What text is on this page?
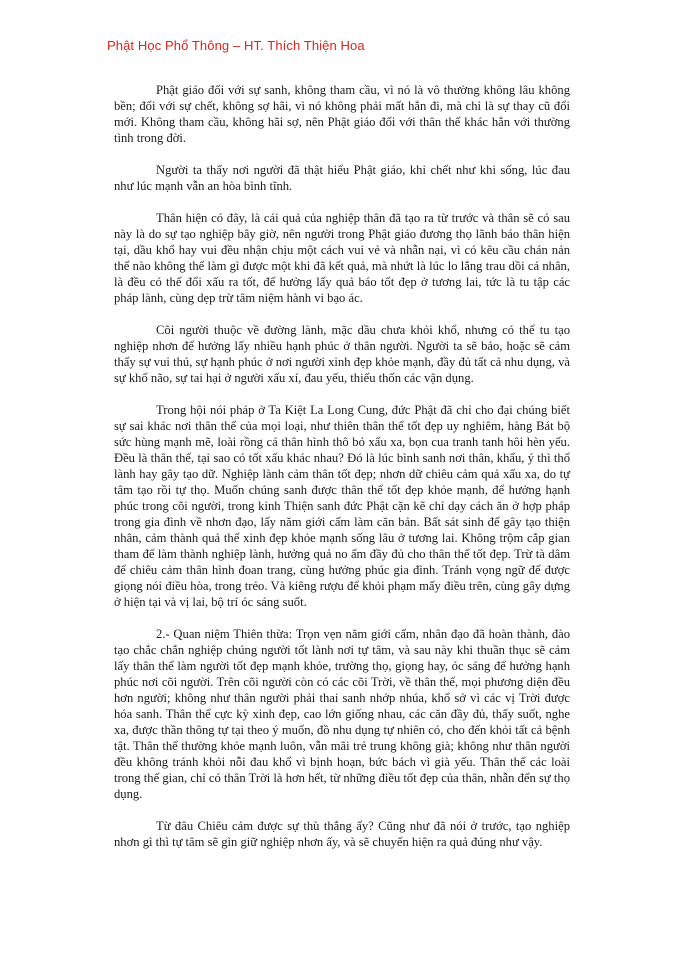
Phật Học Phổ Thông – HT. Thích Thiện Hoa

Phật giáo đối với sự sanh, không tham cầu, vì nó là vô thường không lâu không bền; đối với sự chết, không sợ hãi, vì nó không phải mất hẳn đi, mà chỉ là sự thay cũ đổi mới. Không tham cầu, không hãi sợ, nên Phật giáo đối với thân thể khác hẳn với thường tình trong đời.

Người ta thấy nơi người đã thật hiểu Phật giáo, khi chết như khi sống, lúc đau như lúc mạnh vẫn an hòa bình tĩnh.

Thân hiện có đây, là cái quả của nghiệp thân đã tạo ra từ trước và thân sẽ có sau này là do sự tạo nghiệp bây giờ, nên người trong Phật giáo đương thọ lãnh báo thân hiện tại, dầu khổ hay vui đều nhận chịu một cách vui vẻ và nhẫn nại, vì có kêu cầu chán nản thế nào không thể làm gì được một khi đã kết quả, mà nhứt là lúc lo lắng trau dồi cá nhân, là đều có thể đổi xấu ra tốt, để hưởng lấy quả báo tốt đẹp ở tương lai, tức là tu tập các pháp lành, cùng dẹp trừ tâm niệm hành vi bạo ác.

Cõi người thuộc về đường lành, mặc dầu chưa khỏi khổ, nhưng có thể tu tạo nghiệp nhơn để hưởng lấy nhiều hạnh phúc ở thân người. Người ta sẽ bảo, hoặc sẽ cảm thấy sự vui thú, sự hạnh phúc ở nơi người xinh đẹp khỏe mạnh, đầy đủ tất cả nhu dụng, và sự khổ não, sự tai hại ở người xấu xí, đau yếu, thiếu thốn các vận dụng.

Trong hội nói pháp ở Ta Kiệt La Long Cung, đức Phật đã chỉ cho đại chúng biết sự sai khác nơi thân thể của mọi loại, như thiên thân thể tốt đẹp uy nghiêm, hàng Bát bộ sức hùng mạnh mẽ, loài rồng cá thân hình thô bỏ xấu xa, bọn cua tranh tanh hôi hèn yếu. Đều là thân thể, tại sao có tốt xấu khác nhau? Đó là lúc bình sanh nơi thân, khẩu, ý thì thổ lành hay gây tạo dữ. Nghiệp lành cảm thân tốt đẹp; nhơn dữ chiêu cảm quả xấu xa, do tự tâm tạo rồi tự thọ. Muốn chúng sanh được thân thể tốt đẹp khỏe mạnh, để hưởng hạnh phúc trong cõi người, trong kinh Thiện sanh đức Phật cặn kẽ chỉ dạy cách ăn ở hợp pháp trong gia đình về nhơn đạo, lấy năm giới cấm làm căn bản. Bất sát sinh để gây tạo thiện nhân, cảm thành quả thể xinh đẹp khỏe mạnh sống lâu ở tương lai. Không trộm cắp gian tham để làm thành nghiệp lành, hưởng quả no ấm đầy đủ cho thân thể tốt đẹp. Trừ tà dâm để chiêu cảm thân hình đoan trang, cùng hưởng phúc gia đình. Tránh vọng ngữ để được giọng nói điều hòa, trong trẻo. Và kiêng rượu để khỏi phạm mấy điều trên, cùng gây dựng ở hiện tại và vị lai, bộ trí óc sáng suốt.

2.- Quan niệm Thiên thừa: Trọn vẹn năm giới cấm, nhân đạo đã hoàn thành, đào tạo chắc chắn nghiệp chúng người tốt lành nơi tự tâm, và sau này khi thuần thục sẽ cảm lấy thân thể làm người tốt đẹp mạnh khỏe, trường thọ, giọng hay, óc sáng để hưởng hạnh phúc nơi cõi người. Trên cõi người còn có các cõi Trời, về thân thể, mọi phương diện đều hơn người; không như thân người phải thai sanh nhớp nhúa, khổ sở vì các vị Trời được hóa sanh. Thân thể cực kỳ xinh đẹp, cao lớn giống nhau, các căn đầy đủ, thấy suốt, nghe xa, được thần thông tự tại theo ý muốn, đồ nhu dụng tự nhiên có, cho đến khỏi tất cả bệnh tật. Thân thể thường khỏe mạnh luôn, vẫn mãi trẻ trung không già; không như thân người đều không tránh khỏi nỗi đau khổ vì bịnh hoạn, bức bách vì già yếu. Thân thể các loài trong thế gian, chỉ có thân Trời là hơn hết, từ những điều tốt đẹp của thân, nhẫn đến sự thọ dụng.

Từ đâu Chiêu cảm được sự thù thắng ấy? Cũng như đã nói ở trước, tạo nghiệp nhơn gì thì tự tâm sẽ gìn giữ nghiệp nhơn ấy, và sẽ chuyển hiện ra quả đúng như vậy.
